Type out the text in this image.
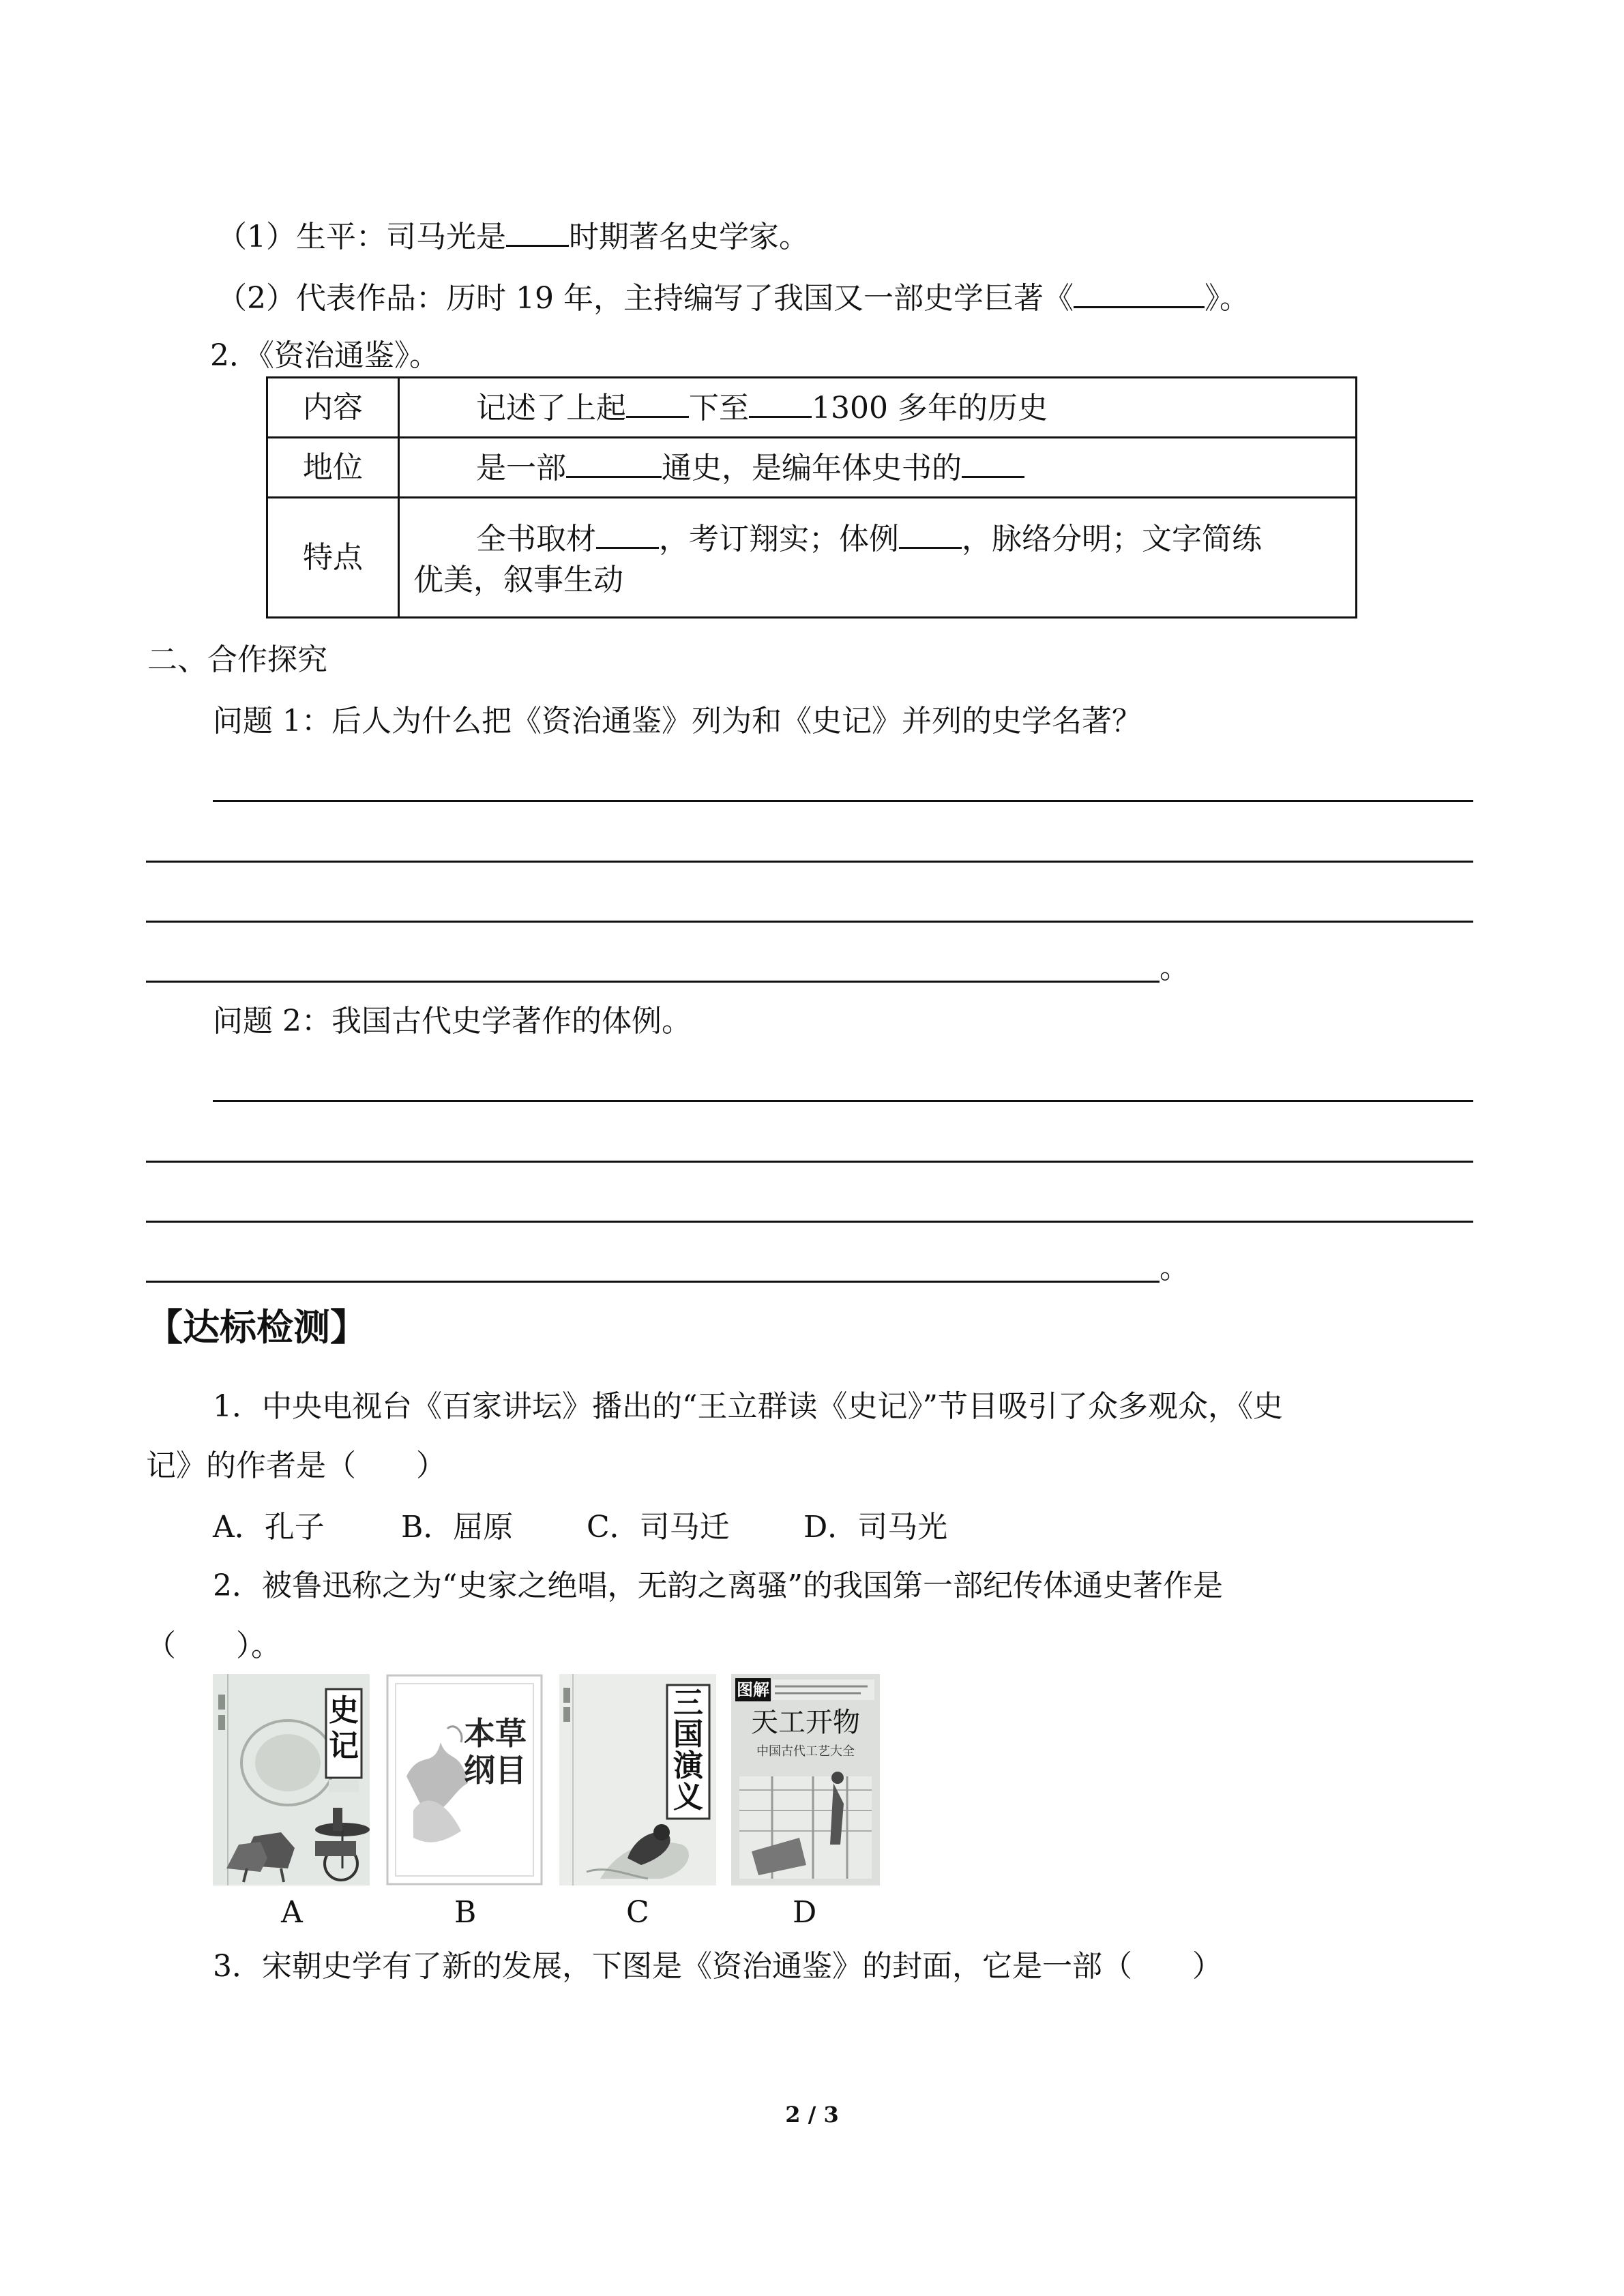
（1）生平：司马光是 时期著名史学家。
（2）代表作品：历时 19 年，主持编写了我国又一部史学巨著《	》。
2．《资治通鉴》。
内容	记述了上起 下至 1300 多年的历史
地位	是一部 通史，是编年体史书的
特点	全书取材 ，考订翔实；体例 ，脉络分明；文字简练
优美，叙事生动
二、合作探究
问题 1：后人为什么把《资治通鉴》列为和《史记》并列的史学名著？
。
问题 2：我国古代史学著作的体例。
。
【达标检测】
1．中央电视台《百家讲坛》播出的“王立群读《史记》”节目吸引了众多观众，《史
记》的作者是（　　）
A．孔子	B．屈原 C．司马迁 D．司马光
2．被鲁迅称之为“史家之绝唱，无韵之离骚”的我国第一部纪传体通史著作是
（　　）。
史记	本草纲目
三国演义
图解
天工开物
中国古代工艺大全
A	B	C	D
3．宋朝史学有了新的发展，下图是《资治通鉴》的封面，它是一部（　　）
2 / 3
